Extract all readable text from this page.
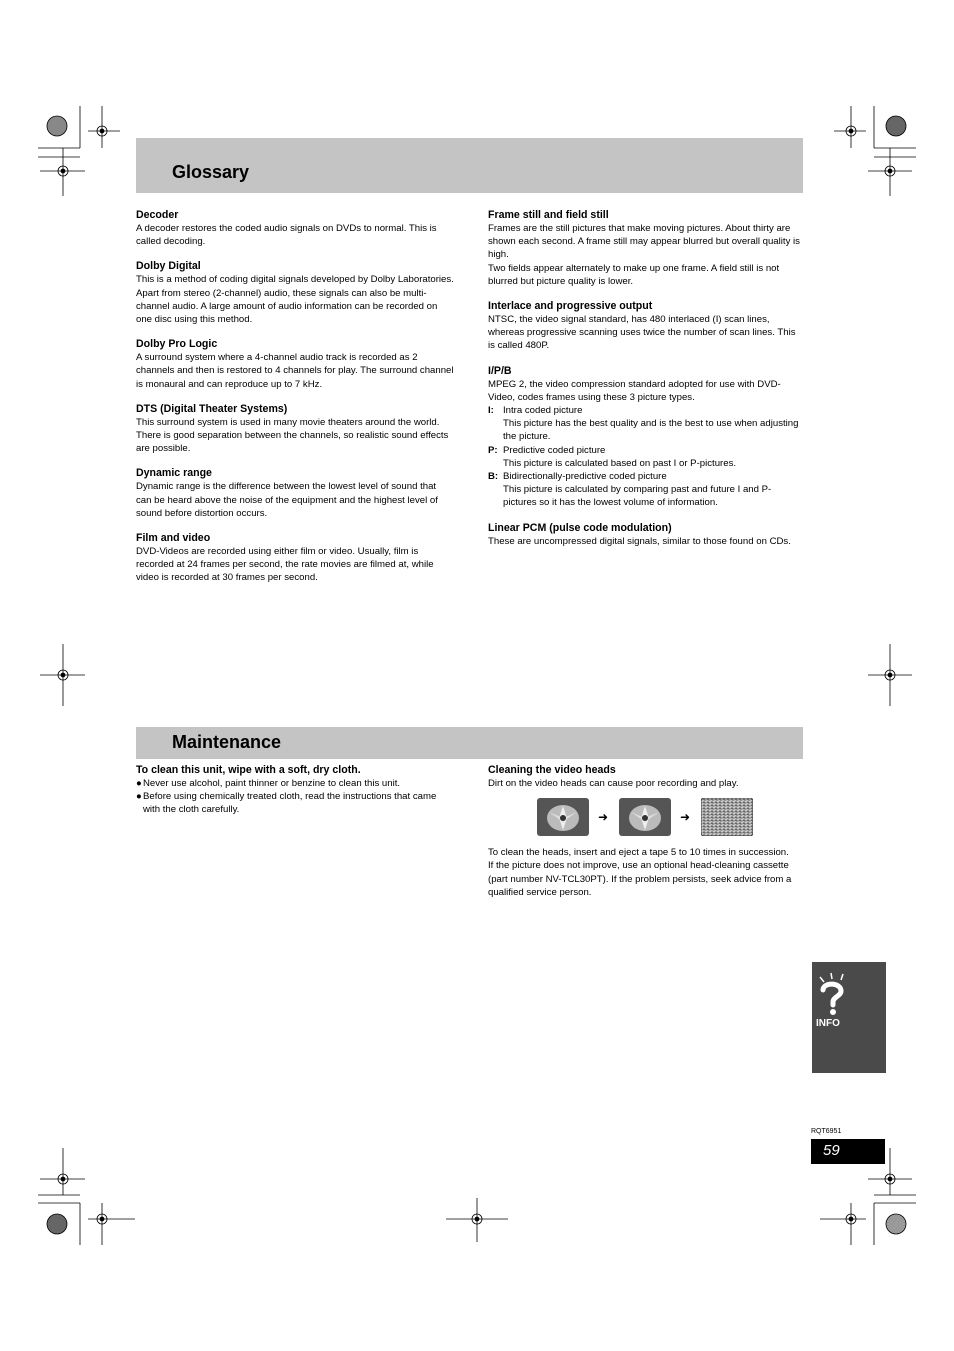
Glossary
Decoder

A decoder restores the coded audio signals on DVDs to normal. This is called decoding.

Dolby Digital

This is a method of coding digital signals developed by Dolby Laboratories. Apart from stereo (2-channel) audio, these signals can also be multi-channel audio. A large amount of audio information can be recorded on one disc using this method.

Dolby Pro Logic

A surround system where a 4-channel audio track is recorded as 2 channels and then is restored to 4 channels for play. The surround channel is monaural and can reproduce up to 7 kHz.

DTS (Digital Theater Systems)

This surround system is used in many movie theaters around the world. There is good separation between the channels, so realistic sound effects are possible.

Dynamic range

Dynamic range is the difference between the lowest level of sound that can be heard above the noise of the equipment and the highest level of sound before distortion occurs.

Film and video

DVD-Videos are recorded using either film or video. Usually, film is recorded at 24 frames per second, the rate movies are filmed at, while video is recorded at 30 frames per second.

Frame still and field still

Frames are the still pictures that make moving pictures. About thirty are shown each second. A frame still may appear blurred but overall quality is high.

Two fields appear alternately to make up one frame. A field still is not blurred but picture quality is lower.

Interlace and progressive output

NTSC, the video signal standard, has 480 interlaced (I) scan lines, whereas progressive scanning uses twice the number of scan lines. This is called 480P.

I/P/B

MPEG 2, the video compression standard adopted for use with DVD-Video, codes frames using these 3 picture types.

I: Intra coded picture

This picture has the best quality and is the best to use when adjusting the picture.

P: Predictive coded picture

This picture is calculated based on past I or P-pictures.

B: Bidirectionally-predictive coded picture

This picture is calculated by comparing past and future I and P-pictures so it has the lowest volume of information.

Linear PCM (pulse code modulation)

These are uncompressed digital signals, similar to those found on CDs.

Maintenance
To clean this unit, wipe with a soft, dry cloth.
● Never use alcohol, paint thinner or benzine to clean this unit.
● Before using chemically treated cloth, read the instructions that came with the cloth carefully.
Cleaning the video heads

Dirt on the video heads can cause poor recording and play.

To clean the heads, insert and eject a tape 5 to 10 times in succession.

If the picture does not improve, use an optional head-cleaning cassette (part number NV-TCL30PT). If the problem persists, seek advice from a qualified service person.

➜	➜
INFO
RQT6951
59
